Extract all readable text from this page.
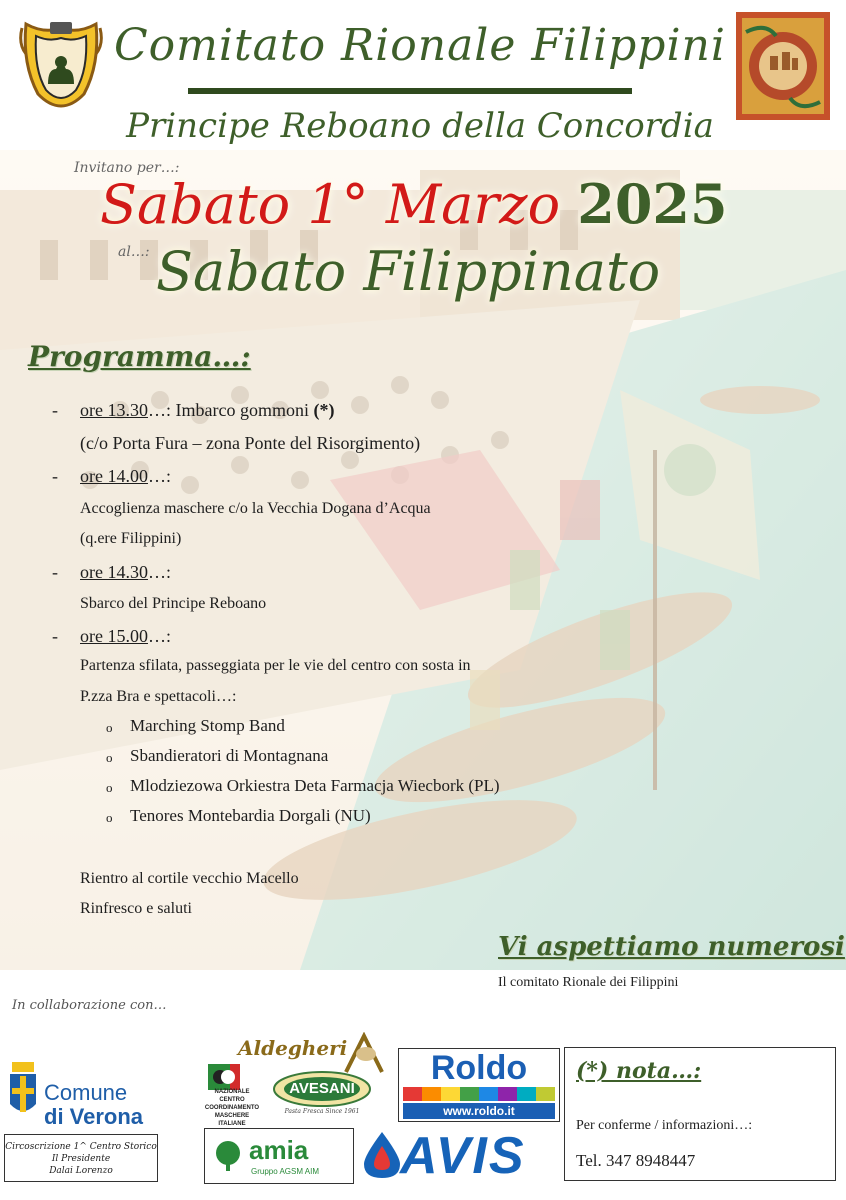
Comitato Rionale Filippini
Principe Reboano della Concordia
Invitano per…:
Sabato 1° Marzo 2025
al…: Sabato Filippinato
Programma…:
- ore 13.30…: Imbarco gommoni (*)
(c/o Porta Fura – zona Ponte del Risorgimento)
- ore 14.00…:
Accoglienza maschere c/o la Vecchia Dogana d’Acqua
(q.ere Filippini)
- ore 14.30…:
Sbarco del Principe Reboano
- ore 15.00…:
Partenza sfilata, passeggiata per le vie del centro con sosta in
P.zza Bra e spettacoli…:
o Marching Stomp Band
o Sbandieratori di Montagnana
o Mlodziezowa Orkiestra Deta Farmacja Wiecbork (PL)
o Tenores Montebardia Dorgali (NU)
Rientro al cortile vecchio Macello
Rinfresco e saluti
Vi aspettiamo numerosi
Il comitato Rionale dei Filippini
In collaborazione con…
Comune
di Verona
Circoscrizione 1^ Centro Storico
Il Presidente
Dalai Lorenzo
Aldegheri
NAZIONALE
CENTRO
COORDINAMENTO
MASCHERE
ITALIANE
AVESANI
Pasta Fresca Since 1961
Roldo
www.roldo.it
amia
Gruppo AGSM AIM AVIS
(*) nota…:
Per conferme / informazioni…:
Tel. 347 8948447
